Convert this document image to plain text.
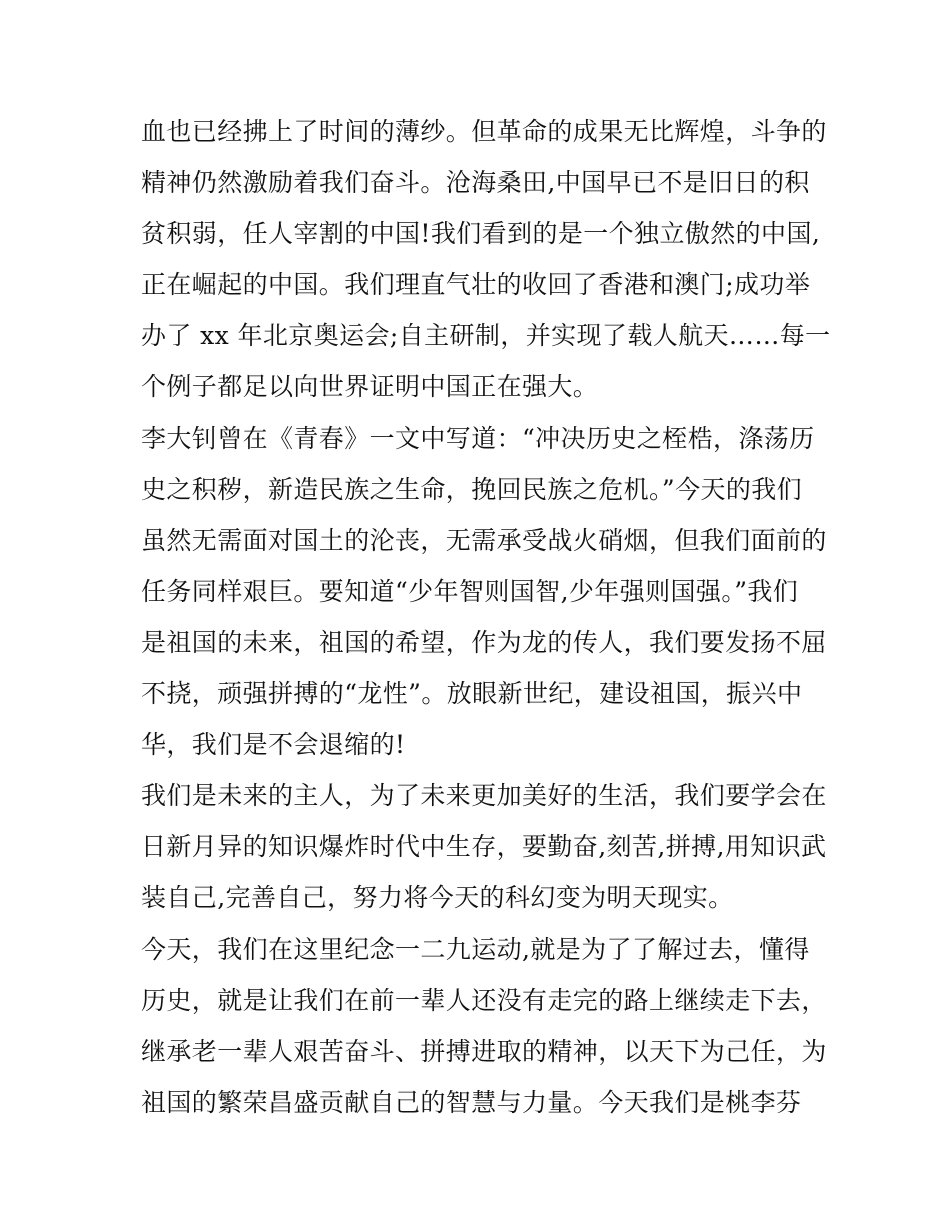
血也已经拂上了时间的薄纱。但革命的成果无比辉煌，斗争的
精神仍然激励着我们奋斗。沧海桑田,中国早已不是旧日的积
贫积弱，任人宰割的中国!我们看到的是一个独立傲然的中国,
正在崛起的中国。我们理直气壮的收回了香港和澳门;成功举
办了 xx 年北京奥运会;自主研制，并实现了载人航天……每一
个例子都足以向世界证明中国正在强大。
李大钊曾在《青春》一文中写道：“冲决历史之桎梏，涤荡历
史之积秽，新造民族之生命，挽回民族之危机。”今天的我们
虽然无需面对国土的沦丧，无需承受战火硝烟，但我们面前的
任务同样艰巨。要知道“少年智则国智,少年强则国强。”我们
是祖国的未来，祖国的希望，作为龙的传人，我们要发扬不屈
不挠，顽强拼搏的“龙性”。放眼新世纪，建设祖国，振兴中
华，我们是不会退缩的!
我们是未来的主人，为了未来更加美好的生活，我们要学会在
日新月异的知识爆炸时代中生存，要勤奋,刻苦,拼搏,用知识武
装自己,完善自己，努力将今天的科幻变为明天现实。
今天，我们在这里纪念一二九运动,就是为了了解过去，懂得
历史，就是让我们在前一辈人还没有走完的路上继续走下去，
继承老一辈人艰苦奋斗、拼搏进取的精神，以天下为己任，为
祖国的繁荣昌盛贡献自己的智慧与力量。今天我们是桃李芬
